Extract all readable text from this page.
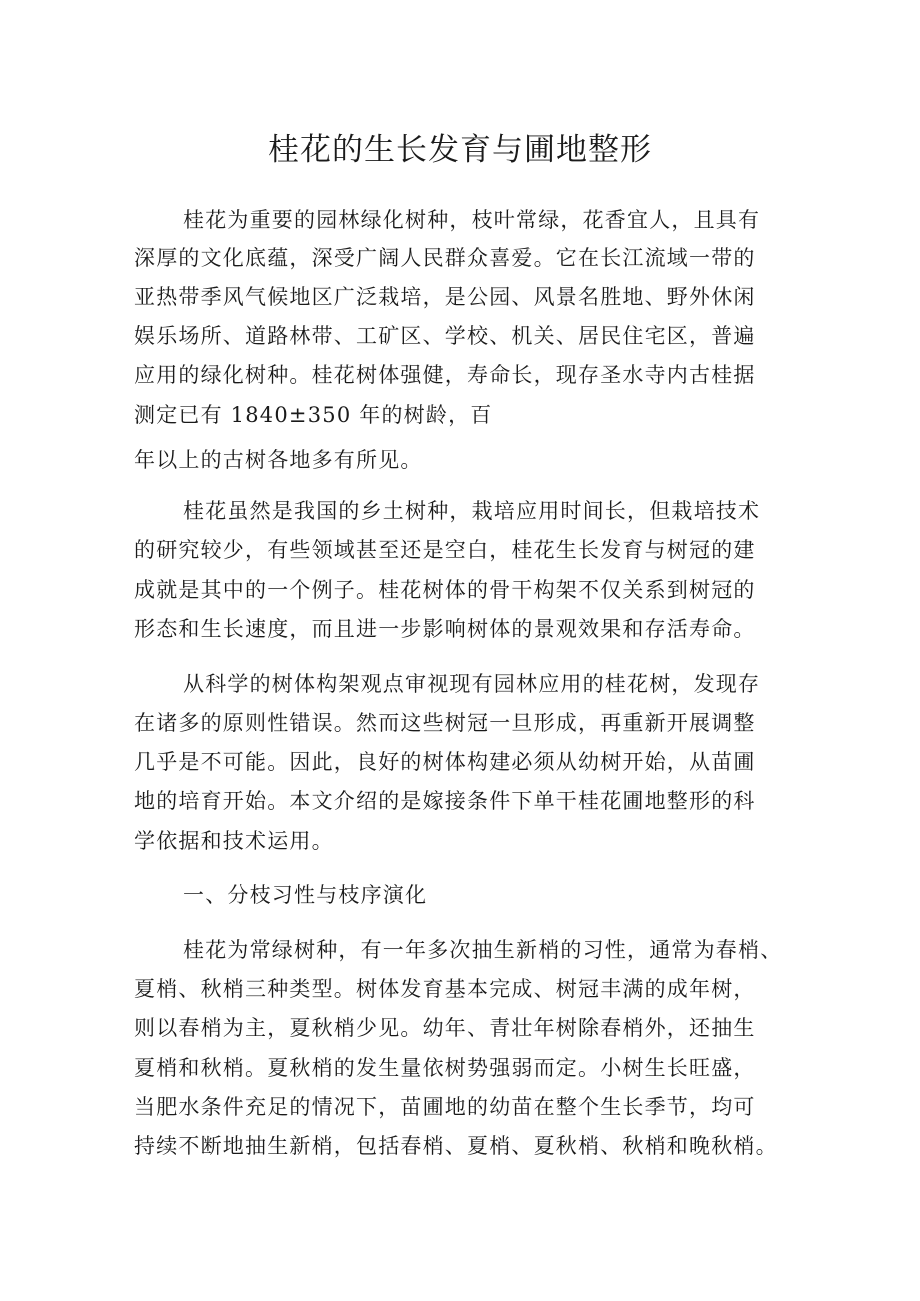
桂花的生长发育与圃地整形
桂花为重要的园林绿化树种，枝叶常绿，花香宜人，且具有
深厚的文化底蕴，深受广阔人民群众喜爱。它在长江流域一带的
亚热带季风气候地区广泛栽培，是公园、风景名胜地、野外休闲
娱乐场所、道路林带、工矿区、学校、机关、居民住宅区，普遍
应用的绿化树种。桂花树体强健，寿命长，现存圣水寺内古桂据
测定已有 1840±350 年的树龄，百
年以上的古树各地多有所见。
桂花虽然是我国的乡土树种，栽培应用时间长，但栽培技术
的研究较少，有些领域甚至还是空白，桂花生长发育与树冠的建
成就是其中的一个例子。桂花树体的骨干构架不仅关系到树冠的
形态和生长速度，而且进一步影响树体的景观效果和存活寿命。
从科学的树体构架观点审视现有园林应用的桂花树，发现存
在诸多的原则性错误。然而这些树冠一旦形成，再重新开展调整
几乎是不可能。因此，良好的树体构建必须从幼树开始，从苗圃
地的培育开始。本文介绍的是嫁接条件下单干桂花圃地整形的科
学依据和技术运用。
一、分枝习性与枝序演化
桂花为常绿树种，有一年多次抽生新梢的习性，通常为春梢、
夏梢、秋梢三种类型。树体发育基本完成、树冠丰满的成年树，
则以春梢为主，夏秋梢少见。幼年、青壮年树除春梢外，还抽生
夏梢和秋梢。夏秋梢的发生量依树势强弱而定。小树生长旺盛，
当肥水条件充足的情况下，苗圃地的幼苗在整个生长季节，均可
持续不断地抽生新梢，包括春梢、夏梢、夏秋梢、秋梢和晚秋梢。
